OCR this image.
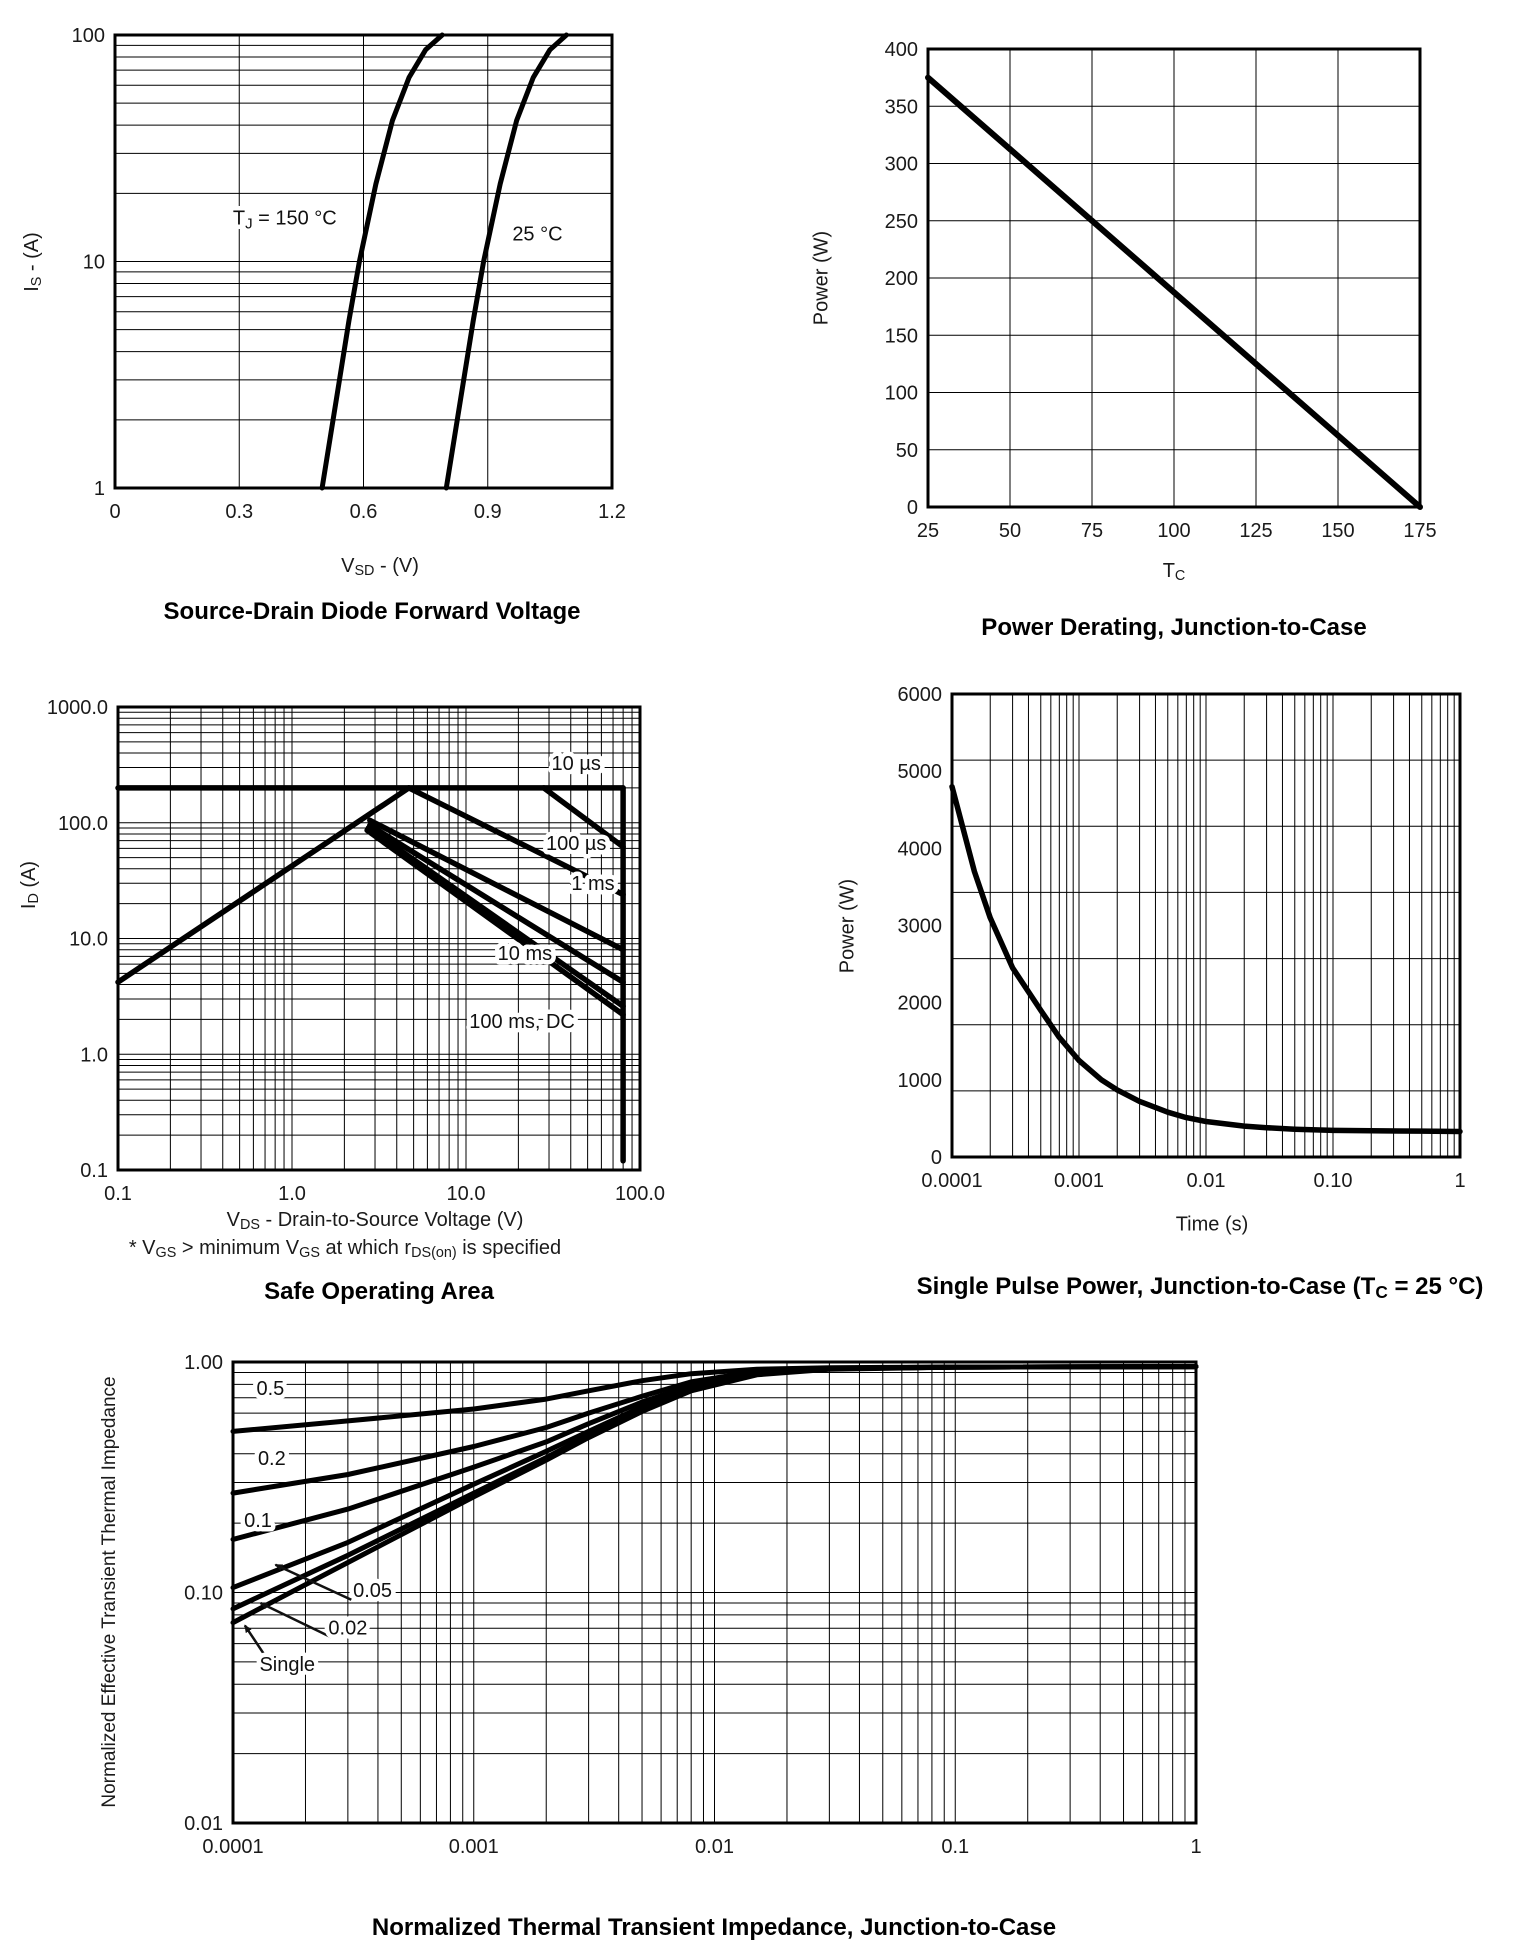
$T_J = 150$ °C
25 °C
0	0.3	0.6	0.9	1.2
1
10
100
$I_S - (A)$
$V_{SD} - (V)$
Source-Drain Diode Forward Voltage
25	50	75	100 125 150 175
0
50
100
150
200
250
300
350
400
Power (W)
$T_C$
Power Derating, Junction-to-Case
10 µs
100 µs
1 ms
10 ms
100 ms, DC
0.1	1.0	10.0	100.0
0.1
1.0
10.0
100.0
1000.0
$I_D$ (A)
$V_{DS}$ - Drain-to-Source Voltage (V)
* $V_{GS}$ > minimum $V_{GS}$ at which $r_{DS(on)}$ is specified
Safe Operating Area
0.0001	0.001	0.01	0.10	1
0
1000
2000
3000
4000
5000
6000
Power (W)
Time (s)
Single Pulse Power, Junction-to-Case ($T_C = 25$ °C)
0.5
0.2
0.1
0.05
0.02
Single
0.0001	0.001	0.01	0.1	1
0.01
0.10
1.00
Normalized Effective Transient Thermal Impedance
Normalized Thermal Transient Impedance, Junction-to-Case
